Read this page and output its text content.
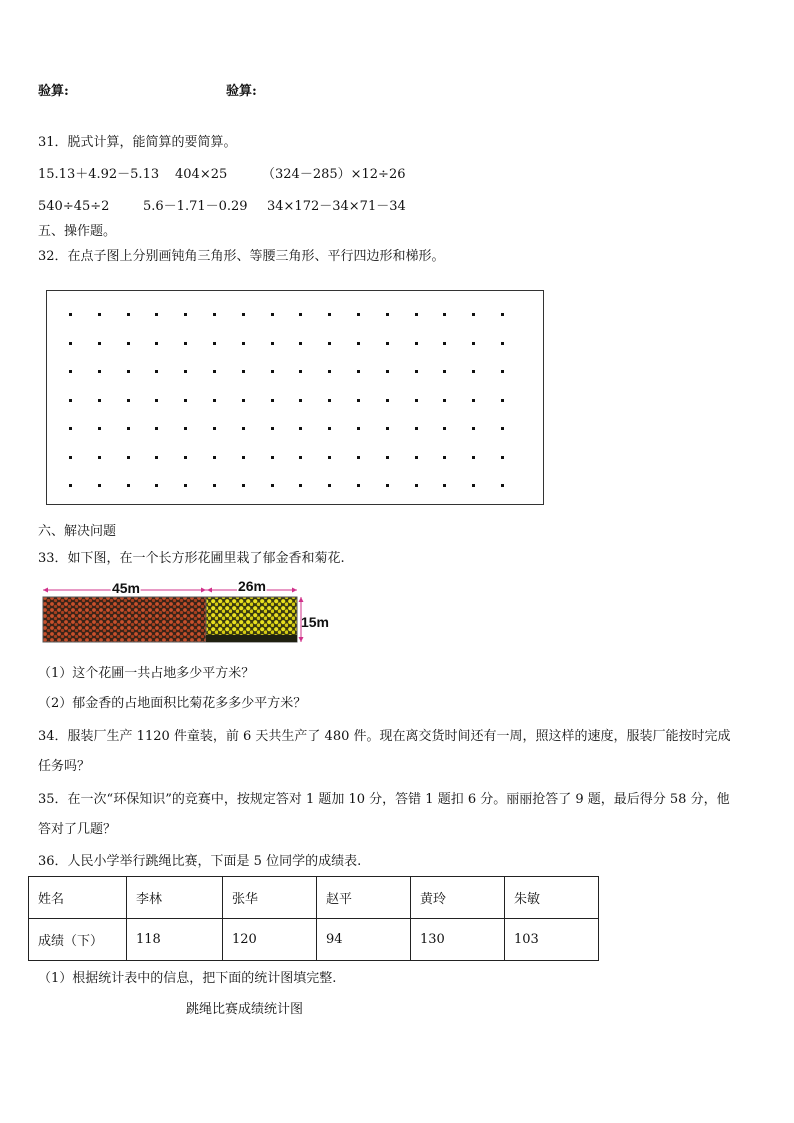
验算:	验算:
31．脱式计算，能简算的要简算。
15.13＋4.92－5.13 404×25	（324－285）×12÷26
540÷45÷2	5.6－1.71－0.29 34×172－34×71－34
五、操作题。
32．在点子图上分别画钝角三角形、等腰三角形、平行四边形和梯形。
六、解决问题
33．如下图，在一个长方形花圃里栽了郁金香和菊花.
45m	26m
15m
（1）这个花圃一共占地多少平方米？
（2）郁金香的占地面积比菊花多多少平方米？
34．服装厂生产 1120 件童装，前 6 天共生产了 480 件。现在离交货时间还有一周，照这样的速度，服装厂能按时完成
任务吗？
35．在一次“环保知识”的竞赛中，按规定答对 1 题加 10 分，答错 1 题扣 6 分。丽丽抢答了 9 题，最后得分 58 分，他
答对了几题？
36．人民小学举行跳绳比赛，下面是 5 位同学的成绩表.
姓名	李林	张华	赵平	黄玲	朱敏
成绩（下）	118	120	94	130	103
（1）根据统计表中的信息，把下面的统计图填完整.
跳绳比赛成绩统计图
